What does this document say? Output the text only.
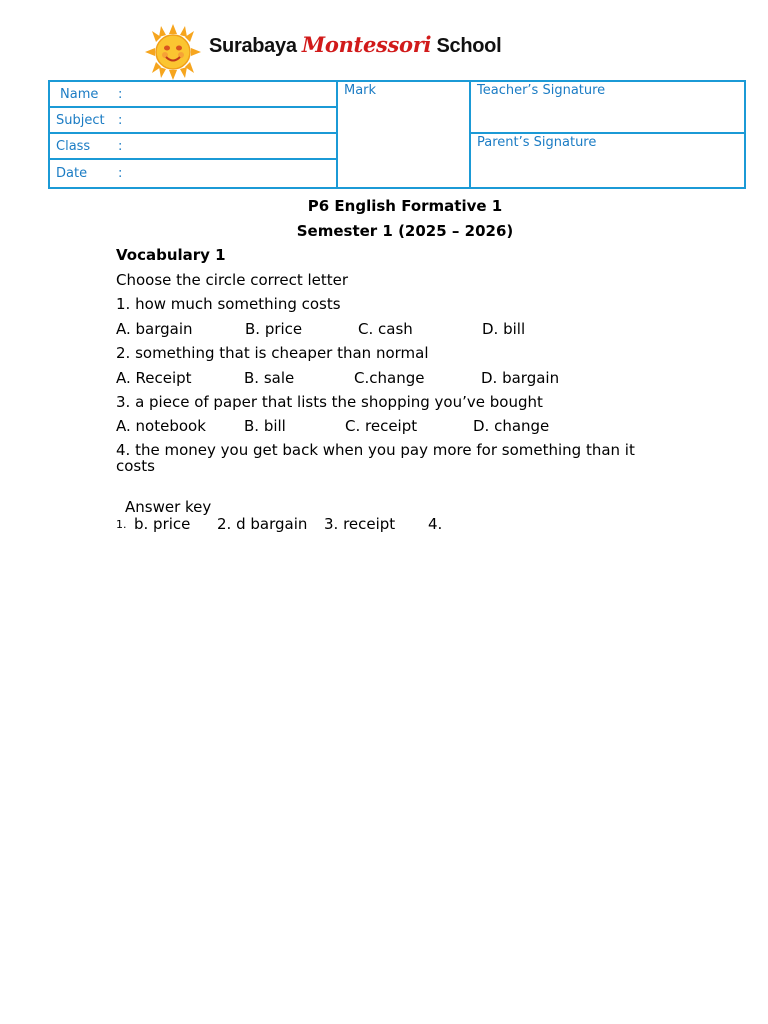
Surabaya Montessori School
Name :	Mark	Teacher’s Signature
Subject :		
Class :		Parent’s Signature
Date :		
P6 English Formative 1
Semester 1 (2025 – 2026)
Vocabulary 1
Choose the circle correct letter
1. how much something costs
A. bargain	B. price	C. cash	D. bill
2. something that is cheaper than normal
A. Receipt	B. sale	C.change	D. bargain
3. a piece of paper that lists the shopping you’ve bought
A. notebook	B. bill	C. receipt	D. change
4. the money you get back when you pay more for something than it costs
Answer key
1. b. price 2. d bargain 3. receipt 4.
